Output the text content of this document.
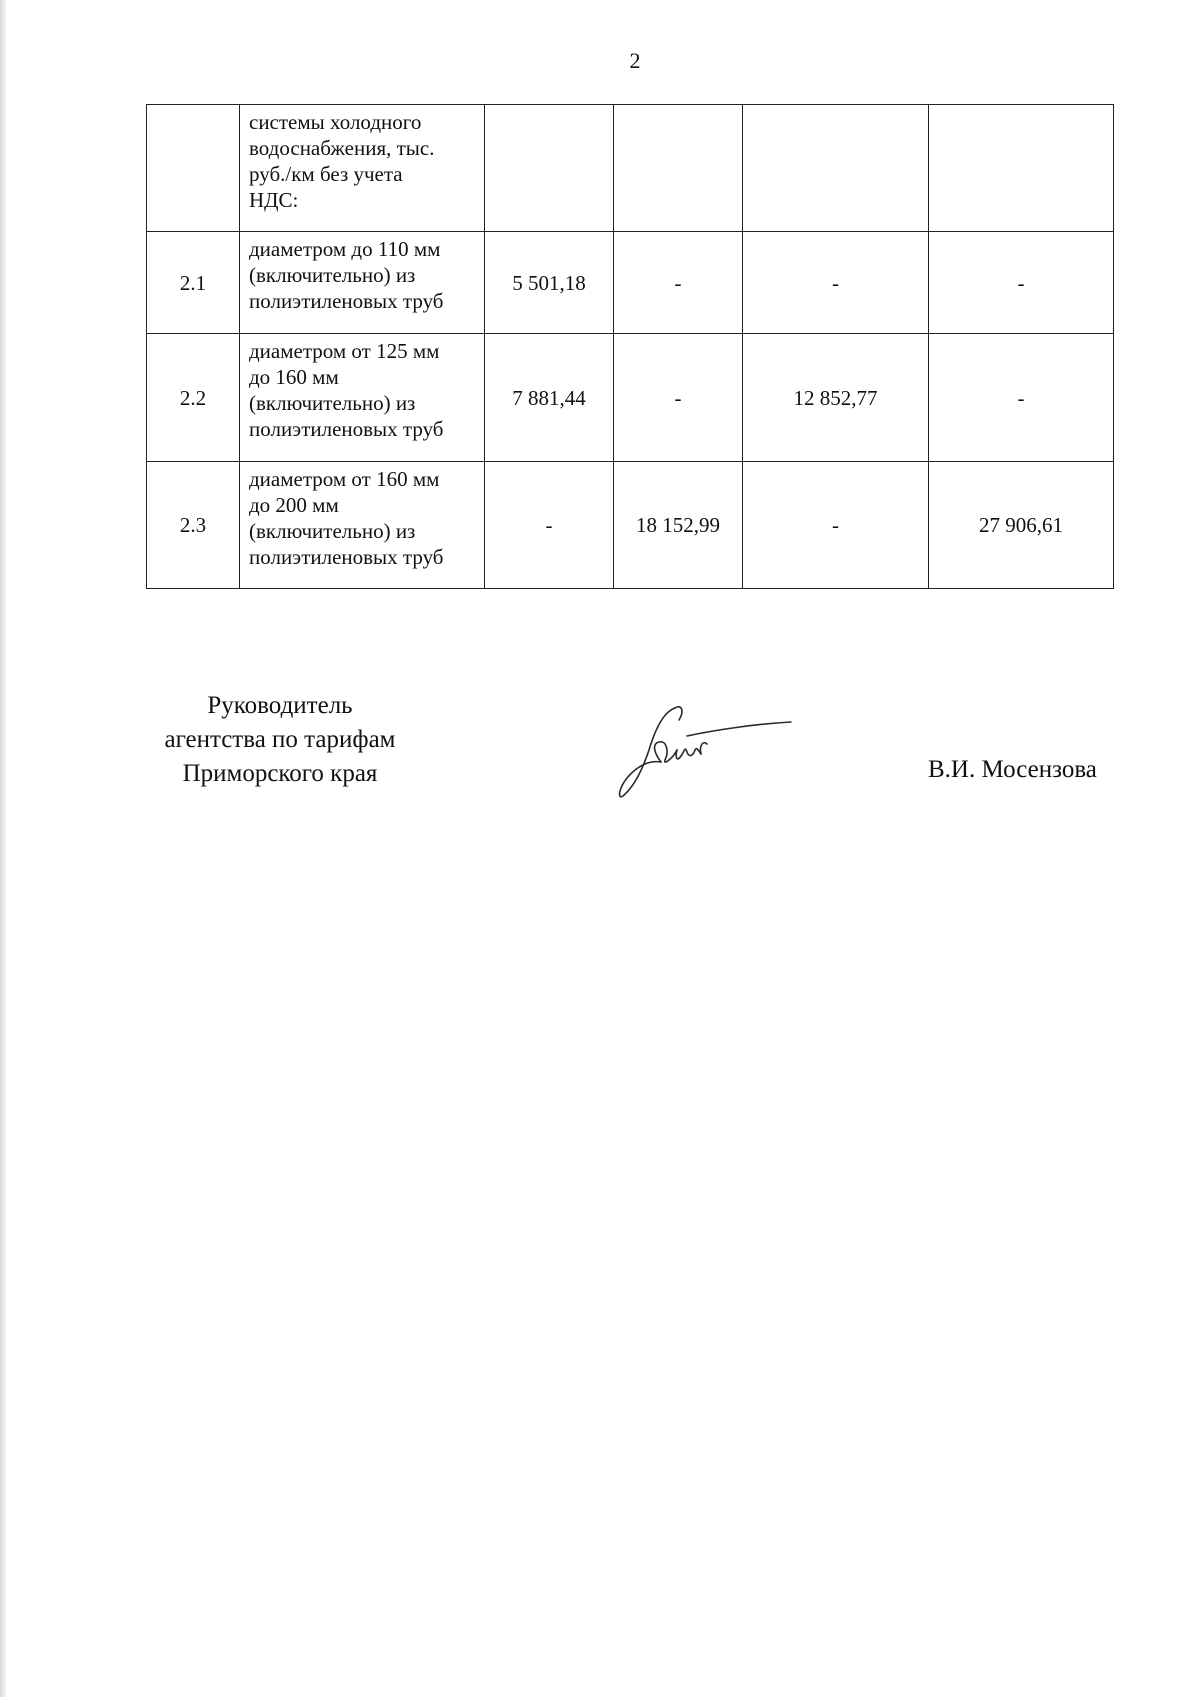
2

	системы холодного
водоснабжения, тыс.
руб./км без учета
НДС:				

2.1	диаметром до 110 мм
(включительно) из
полиэтиленовых труб	5 501,18	-	-	-
2.2	диаметром от 125 мм
до 160 мм
(включительно) из
полиэтиленовых труб	7 881,44	-	12 852,77	-
2.3	диаметром от 160 мм
до 200 мм
(включительно) из
полиэтиленовых труб	-	18 152,99	-	27 906,61
Руководитель
агентства по тарифам
Приморского края	В.И. Мосензова
